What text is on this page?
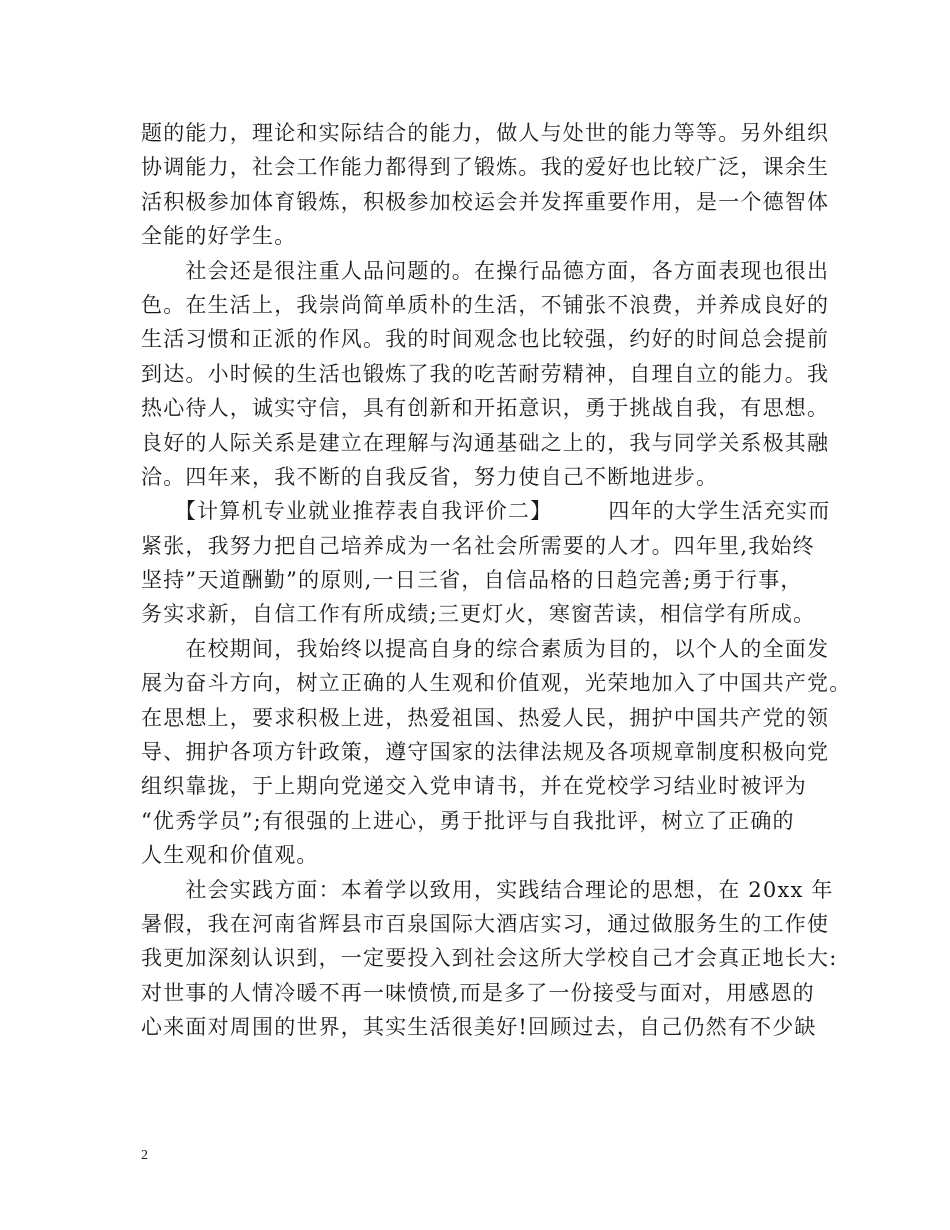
题的能力，理论和实际结合的能力，做人与处世的能力等等。另外组织
协调能力，社会工作能力都得到了锻炼。我的爱好也比较广泛，课余生
活积极参加体育锻炼，积极参加校运会并发挥重要作用，是一个德智体
全能的好学生。
　　社会还是很注重人品问题的。在操行品德方面，各方面表现也很出
色。在生活上，我崇尚简单质朴的生活，不铺张不浪费，并养成良好的
生活习惯和正派的作风。我的时间观念也比较强，约好的时间总会提前
到达。小时候的生活也锻炼了我的吃苦耐劳精神，自理自立的能力。我
热心待人，诚实守信，具有创新和开拓意识，勇于挑战自我，有思想。
良好的人际关系是建立在理解与沟通基础之上的，我与同学关系极其融
洽。四年来，我不断的自我反省，努力使自己不断地进步。
　　【计算机专业就业推荐表自我评价二】　　　四年的大学生活充实而
紧张，我努力把自己培养成为一名社会所需要的人才。四年里,我始终
坚持”天道酬勤”的原则,一日三省，自信品格的日趋完善;勇于行事，
务实求新，自信工作有所成绩;三更灯火，寒窗苦读，相信学有所成。
　　在校期间，我始终以提高自身的综合素质为目的，以个人的全面发
展为奋斗方向，树立正确的人生观和价值观，光荣地加入了中国共产党。
在思想上，要求积极上进，热爱祖国、热爱人民，拥护中国共产党的领
导、拥护各项方针政策，遵守国家的法律法规及各项规章制度积极向党
组织靠拢，于上期向党递交入党申请书，并在党校学习结业时被评为
“优秀学员”;有很强的上进心，勇于批评与自我批评，树立了正确的
人生观和价值观。
　　社会实践方面：本着学以致用，实践结合理论的思想，在 20xx 年
暑假，我在河南省辉县市百泉国际大酒店实习，通过做服务生的工作使
我更加深刻认识到，一定要投入到社会这所大学校自己才会真正地长大:
对世事的人情冷暖不再一味愤愤,而是多了一份接受与面对，用感恩的
心来面对周围的世界，其实生活很美好!回顾过去，自己仍然有不少缺
2
